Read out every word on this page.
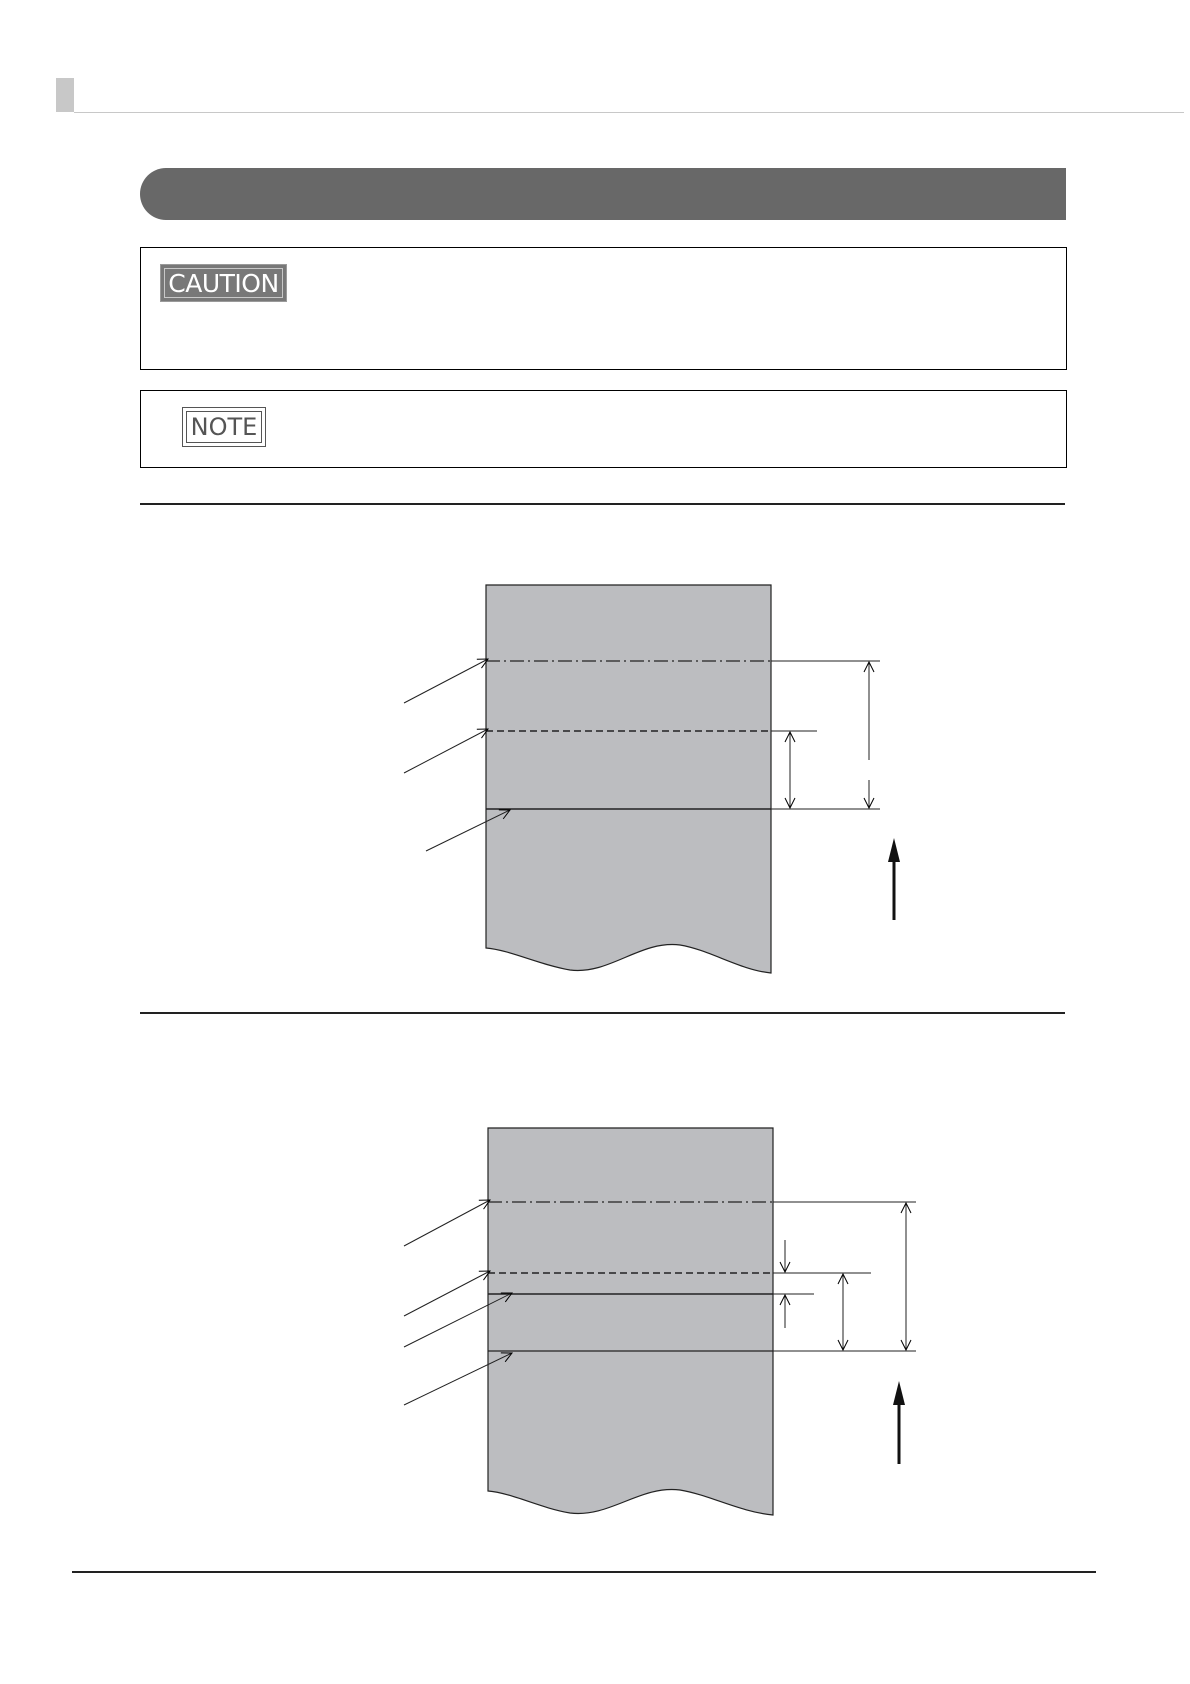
CAUTION
NOTE
